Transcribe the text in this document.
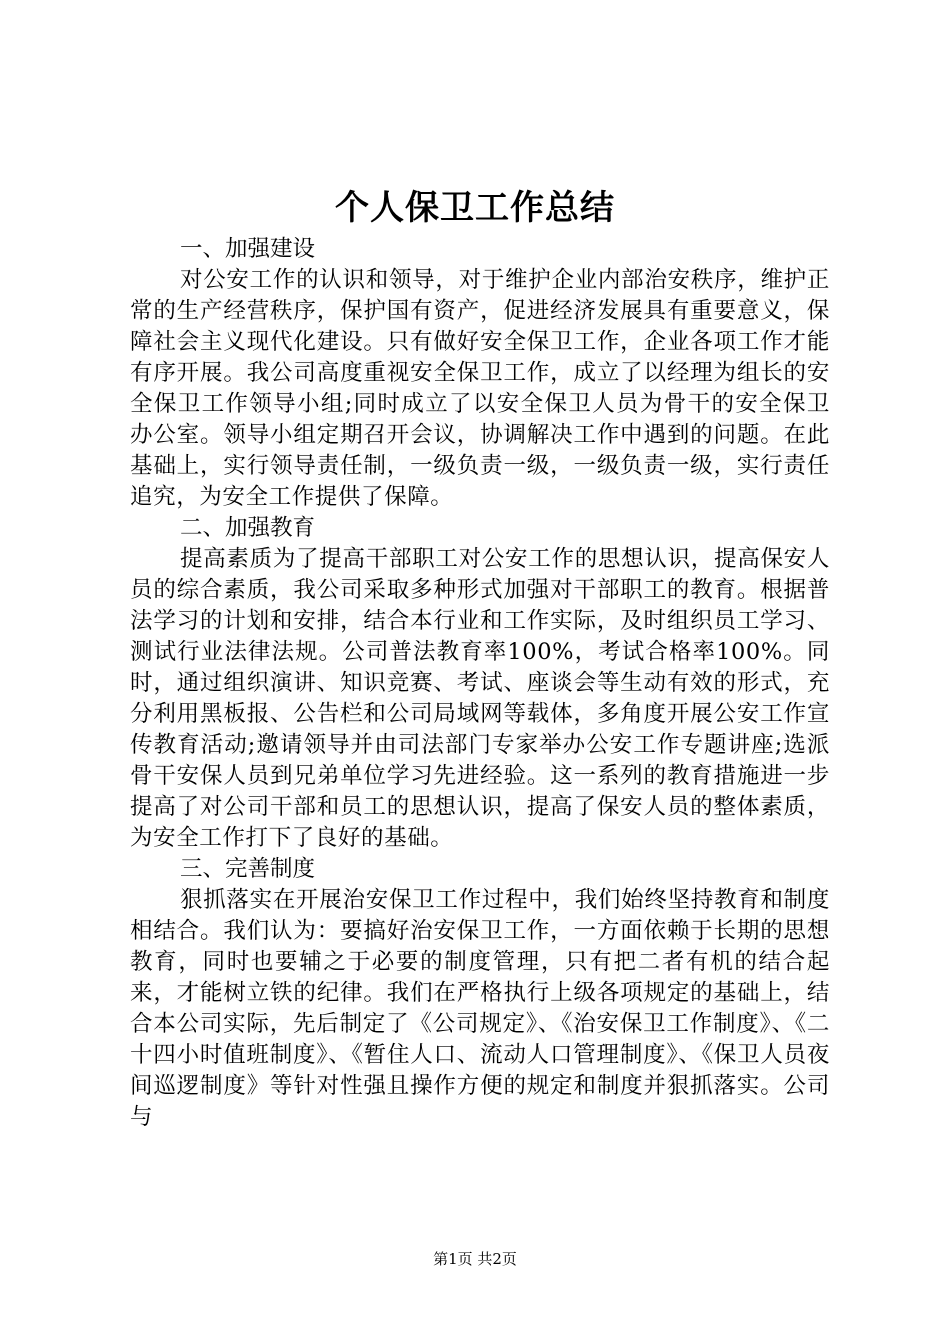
个人保卫工作总结

一、加强建设

对公安工作的认识和领导，对于维护企业内部治安秩序，维护正常的生产经营秩序，保护国有资产，促进经济发展具有重要意义，保障社会主义现代化建设。只有做好安全保卫工作，企业各项工作才能有序开展。我公司高度重视安全保卫工作，成立了以经理为组长的安全保卫工作领导小组;同时成立了以安全保卫人员为骨干的安全保卫办公室。领导小组定期召开会议，协调解决工作中遇到的问题。在此基础上，实行领导责任制，一级负责一级，一级负责一级，实行责任追究，为安全工作提供了保障。

二、加强教育

提高素质为了提高干部职工对公安工作的思想认识，提高保安人员的综合素质，我公司采取多种形式加强对干部职工的教育。根据普法学习的计划和安排，结合本行业和工作实际，及时组织员工学习、测试行业法律法规。公司普法教育率100%，考试合格率100%。同时，通过组织演讲、知识竞赛、考试、座谈会等生动有效的形式，充分利用黑板报、公告栏和公司局域网等载体，多角度开展公安工作宣传教育活动;邀请领导并由司法部门专家举办公安工作专题讲座;选派骨干安保人员到兄弟单位学习先进经验。这一系列的教育措施进一步提高了对公司干部和员工的思想认识，提高了保安人员的整体素质，为安全工作打下了良好的基础。

三、完善制度

狠抓落实在开展治安保卫工作过程中，我们始终坚持教育和制度相结合。我们认为：要搞好治安保卫工作，一方面依赖于长期的思想教育，同时也要辅之于必要的制度管理，只有把二者有机的结合起来，才能树立铁的纪律。我们在严格执行上级各项规定的基础上，结合本公司实际，先后制定了《公司规定》、《治安保卫工作制度》、《二十四小时值班制度》、《暂住人口、流动人口管理制度》、《保卫人员夜间巡逻制度》等针对性强且操作方便的规定和制度并狠抓落实。公司与

第1页 共2页
